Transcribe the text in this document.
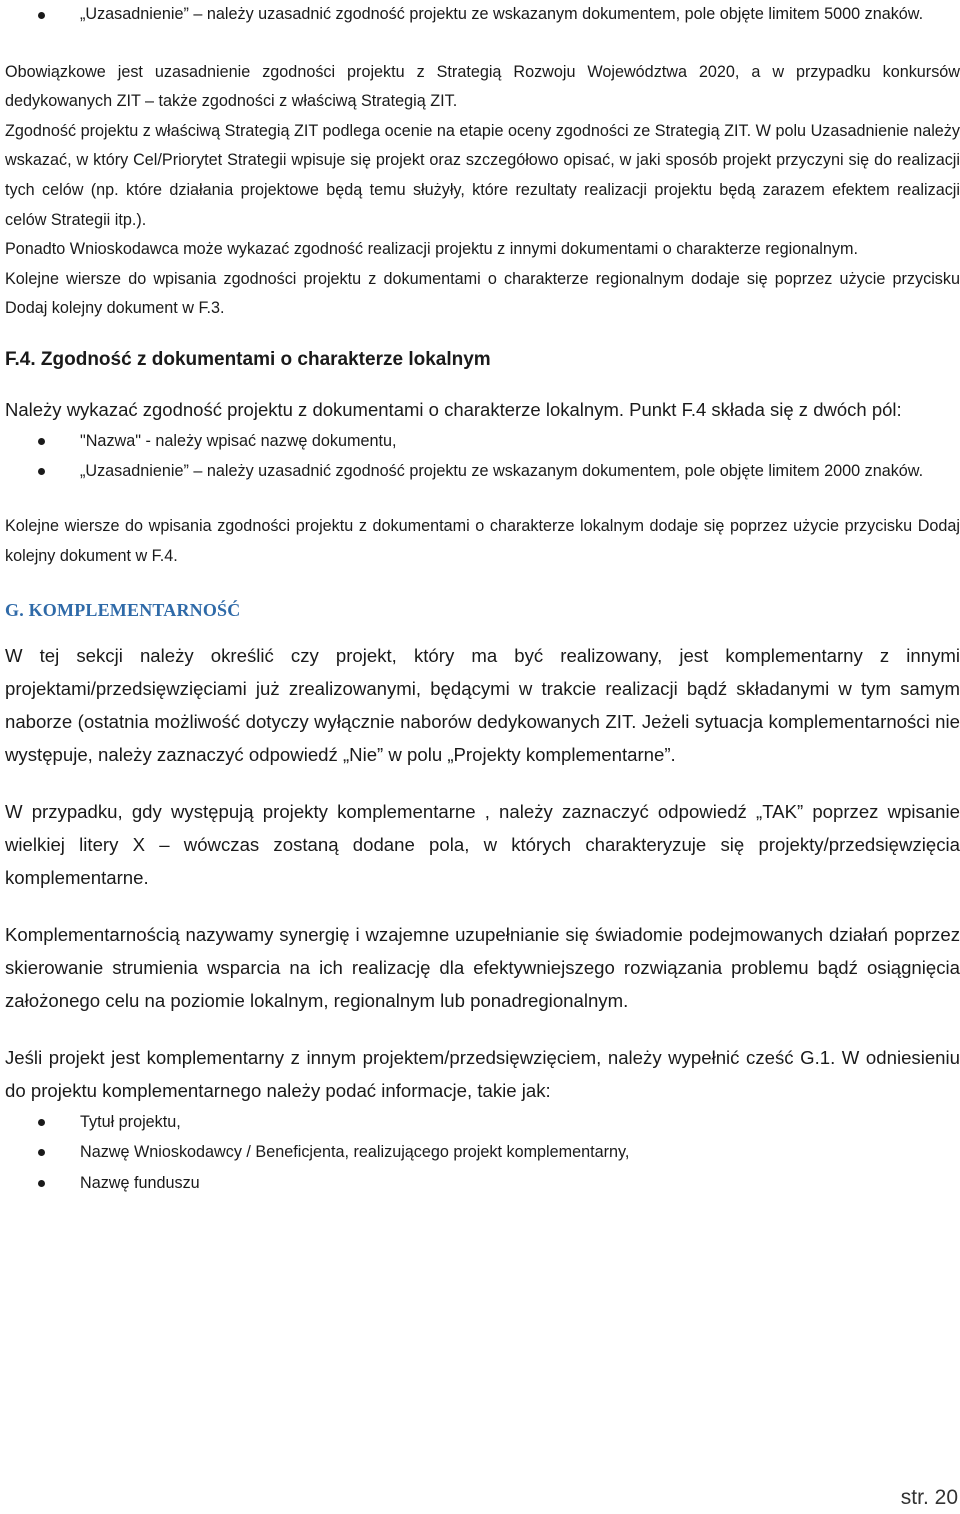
„Uzasadnienie” – należy uzasadnić zgodność projektu ze wskazanym dokumentem, pole objęte limitem 5000 znaków.

Obowiązkowe jest uzasadnienie zgodności projektu z Strategią Rozwoju Województwa 2020, a w przypadku konkursów dedykowanych ZIT – także zgodności z właściwą Strategią ZIT.

Zgodność projektu z właściwą Strategią ZIT podlega ocenie na etapie oceny zgodności ze Strategią ZIT. W polu Uzasadnienie należy wskazać, w który Cel/Priorytet Strategii wpisuje się projekt oraz szczegółowo opisać, w jaki sposób projekt przyczyni się do realizacji tych celów (np. które działania projektowe będą temu służyły, które rezultaty realizacji projektu będą zarazem efektem realizacji celów Strategii itp.).

Ponadto Wnioskodawca może wykazać zgodność realizacji projektu z innymi dokumentami o charakterze regionalnym.

Kolejne wiersze do wpisania zgodności projektu z dokumentami o charakterze regionalnym dodaje się poprzez użycie przycisku Dodaj kolejny dokument w F.3.

F.4. Zgodność z dokumentami o charakterze lokalnym

Należy wykazać zgodność projektu z dokumentami o charakterze lokalnym. Punkt F.4 składa się z dwóch pól:

"Nazwa" - należy wpisać nazwę dokumentu,
„Uzasadnienie” – należy uzasadnić zgodność projektu ze wskazanym dokumentem, pole objęte limitem 2000 znaków.

Kolejne wiersze do wpisania zgodności projektu z dokumentami o charakterze lokalnym dodaje się poprzez użycie przycisku Dodaj kolejny dokument w F.4.

G. KOMPLEMENTARNOŚĆ

W tej sekcji należy określić czy projekt, który ma być realizowany, jest komplementarny z innymi projektami/przedsięwzięciami już zrealizowanymi, będącymi w trakcie realizacji bądź składanymi w tym samym naborze (ostatnia możliwość dotyczy wyłącznie naborów dedykowanych ZIT. Jeżeli sytuacja komplementarności nie występuje, należy zaznaczyć odpowiedź „Nie” w polu „Projekty komplementarne”.

W przypadku, gdy występują projekty komplementarne , należy zaznaczyć odpowiedź „TAK” poprzez wpisanie wielkiej litery X – wówczas zostaną dodane pola, w których charakteryzuje się projekty/przedsięwzięcia komplementarne.

Komplementarnością nazywamy synergię i wzajemne uzupełnianie się świadomie podejmowanych działań poprzez skierowanie strumienia wsparcia na ich realizację dla efektywniejszego rozwiązania problemu bądź osiągnięcia założonego celu na poziomie lokalnym, regionalnym lub ponadregionalnym.

Jeśli projekt jest komplementarny z innym projektem/przedsięwzięciem, należy wypełnić cześć G.1. W odniesieniu do projektu komplementarnego należy podać informacje, takie jak:

Tytuł projektu,
Nazwę Wnioskodawcy / Beneficjenta, realizującego projekt komplementarny,
Nazwę funduszu
str. 20
